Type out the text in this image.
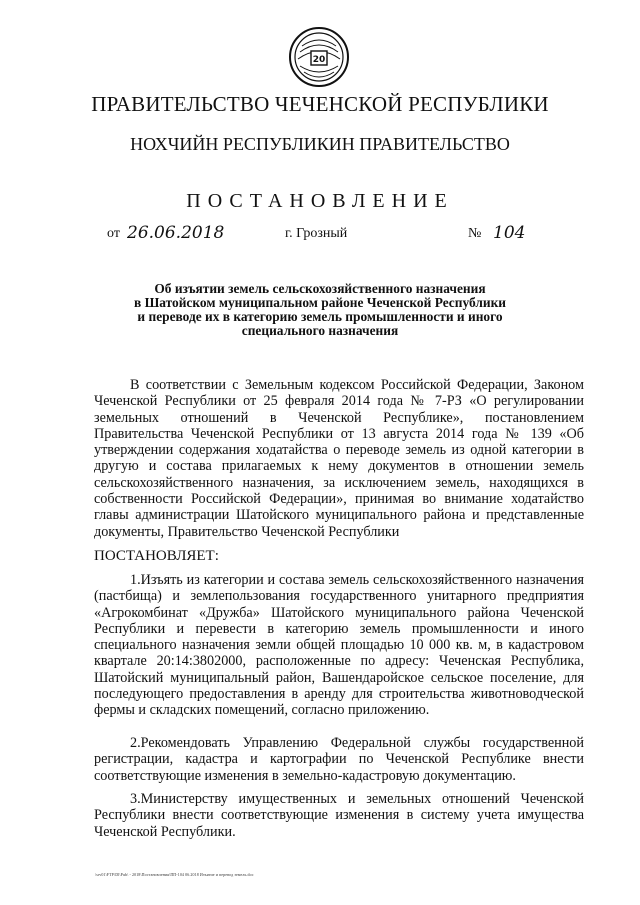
20
ПРАВИТЕЛЬСТВО ЧЕЧЕНСКОЙ РЕСПУБЛИКИ
НОХЧИЙН РЕСПУБЛИКИН ПРАВИТЕЛЬСТВО
ПОСТАНОВЛЕНИЕ
от 26.06.2018	г. Грозный	№ 104
Об изъятии земель сельскохозяйственного назначения
в Шатойском муниципальном районе Чеченской Республики
и переводе их в категорию земель промышленности и иного
специального назначения

В соответствии с Земельным кодексом Российской Федерации, Законом Чеченской Республики от 25 февраля 2014 года № 7-РЗ «О регулировании земельных отношений в Чеченской Республике», постановлением Правительства Чеченской Республики от 13 августа 2014 года № 139 «Об утверждении содержания ходатайства о переводе земель из одной категории в другую и состава прилагаемых к нему документов в отношении земель сельскохозяйственного назначения, за исключением земель, находящихся в собственности Российской Федерации», принимая во внимание ходатайство главы администрации Шатойского муниципального района и представленные документы, Правительство Чеченской Республики

ПОСТАНОВЛЯЕТ:

1.Изъять из категории и состава земель сельскохозяйственного назначения (пастбища) и землепользования государственного унитарного предприятия «Агрокомбинат «Дружба» Шатойского муниципального района Чеченской Республики и перевести в категорию земель промышленности и иного специального назначения земли общей площадью 10 000 кв. м, в кадастровом квартале 20:14:3802000, расположенные по адресу: Чеченская Республика, Шатойский муниципальный район, Вашендаройское сельское поселение, для последующего предоставления в аренду для строительства животноводческой фермы и складских помещений, согласно приложению.

2.Рекомендовать Управлению Федеральной службы государственной регистрации, кадастра и картографии по Чеченской Республике внести соответствующие изменения в земельно-кадастровую документацию.

3.Министерству имущественных и земельных отношений Чеченской Республики внести соответствующие изменения в систему учета имущества Чеченской Республики.

\srv01\FTP\Dl\Pub\ - 2018\Постановления\ПП-104 06.2018 Изъятие и перевод земель.doc
